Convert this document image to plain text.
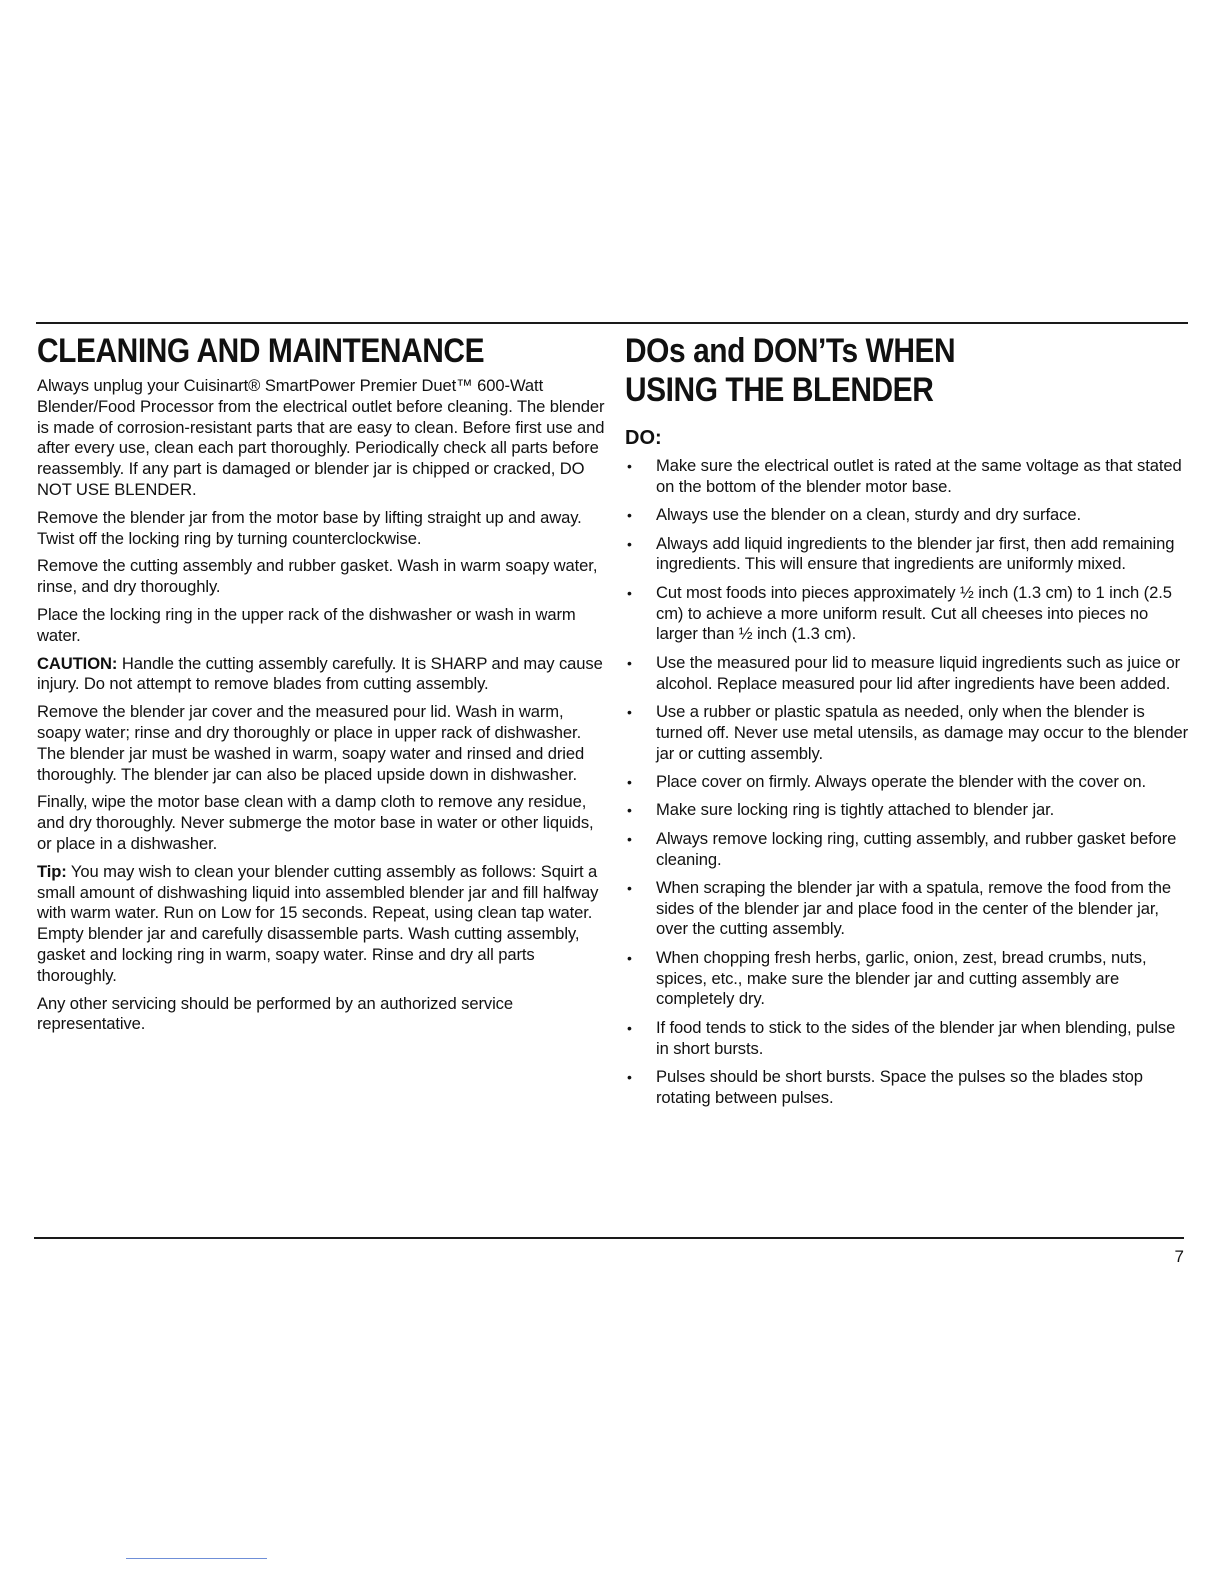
CLEANING AND MAINTENANCE

Always unplug your Cuisinart® SmartPower Premier Duet™ 600-Watt Blender/Food Processor from the electrical outlet before cleaning. The blender is made of corrosion-resistant parts that are easy to clean. Before first use and after every use, clean each part thoroughly. Periodically check all parts before reassembly. If any part is damaged or blender jar is chipped or cracked, DO NOT USE BLENDER.

Remove the blender jar from the motor base by lifting straight up and away. Twist off the locking ring by turning counterclockwise.

Remove the cutting assembly and rubber gasket. Wash in warm soapy water, rinse, and dry thoroughly.

Place the locking ring in the upper rack of the dishwasher or wash in warm water.

CAUTION: Handle the cutting assembly carefully. It is SHARP and may cause injury. Do not attempt to remove blades from cutting assembly.

Remove the blender jar cover and the measured pour lid. Wash in warm, soapy water; rinse and dry thoroughly or place in upper rack of dishwasher. The blender jar must be washed in warm, soapy water and rinsed and dried thoroughly. The blender jar can also be placed upside down in dishwasher.

Finally, wipe the motor base clean with a damp cloth to remove any residue, and dry thoroughly. Never submerge the motor base in water or other liquids, or place in a dishwasher.

Tip: You may wish to clean your blender cutting assembly as follows: Squirt a small amount of dishwashing liquid into assembled blender jar and fill halfway with warm water. Run on Low for 15 seconds. Repeat, using clean tap water. Empty blender jar and carefully disassemble parts. Wash cutting assembly, gasket and locking ring in warm, soapy water. Rinse and dry all parts thoroughly.

Any other servicing should be performed by an authorized service representative.

DOs and DON’Ts WHEN
USING THE BLENDER
DO:
• Make sure the electrical outlet is rated at the same voltage as that stated on the bottom of the blender motor base.
• Always use the blender on a clean, sturdy and dry surface.
• Always add liquid ingredients to the blender jar first, then add remaining ingredients. This will ensure that ingredients are uniformly mixed.
• Cut most foods into pieces approximately ½ inch (1.3 cm) to 1 inch (2.5 cm) to achieve a more uniform result. Cut all cheeses into pieces no larger than ½ inch (1.3 cm).
• Use the measured pour lid to measure liquid ingredients such as juice or alcohol. Replace measured pour lid after ingredients have been added.
• Use a rubber or plastic spatula as needed, only when the blender is turned off. Never use metal utensils, as damage may occur to the blender jar or cutting assembly.
• Place cover on firmly. Always operate the blender with the cover on.
• Make sure locking ring is tightly attached to blender jar.
• Always remove locking ring, cutting assembly, and rubber gasket before cleaning.
• When scraping the blender jar with a spatula, remove the food from the sides of the blender jar and place food in the center of the blender jar, over the cutting assembly.
• When chopping fresh herbs, garlic, onion, zest, bread crumbs, nuts, spices, etc., make sure the blender jar and cutting assembly are completely dry.
• If food tends to stick to the sides of the blender jar when blending, pulse in short bursts.
• Pulses should be short bursts. Space the pulses so the blades stop rotating between pulses.
7
